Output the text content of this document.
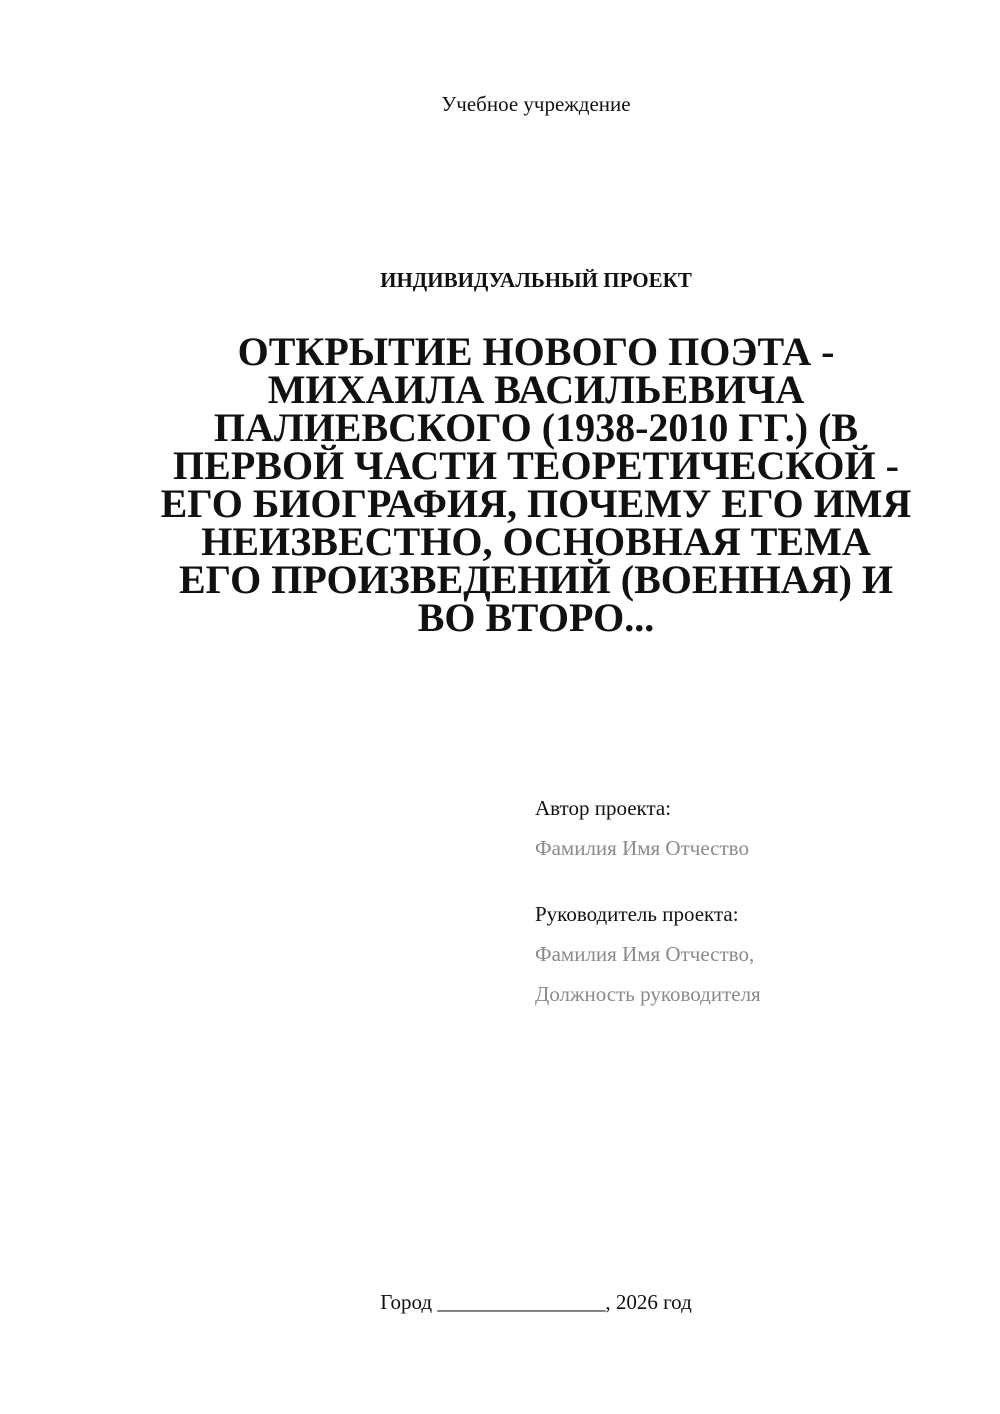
Учебное учреждение
ИНДИВИДУАЛЬНЫЙ ПРОЕКТ
ОТКРЫТИЕ НОВОГО ПОЭТА - МИХАИЛА ВАСИЛЬЕВИЧА ПАЛИЕВСКОГО (1938-2010 ГГ.) (В ПЕРВОЙ ЧАСТИ ТЕОРЕТИЧЕСКОЙ - ЕГО БИОГРАФИЯ, ПОЧЕМУ ЕГО ИМЯ НЕИЗВЕСТНО, ОСНОВНАЯ ТЕМА ЕГО ПРОИЗВЕДЕНИЙ (ВОЕННАЯ) И ВО ВТОРО...
Автор проекта:
Фамилия Имя Отчество
Руководитель проекта:
Фамилия Имя Отчество,
Должность руководителя
Город ________________, 2026 год
